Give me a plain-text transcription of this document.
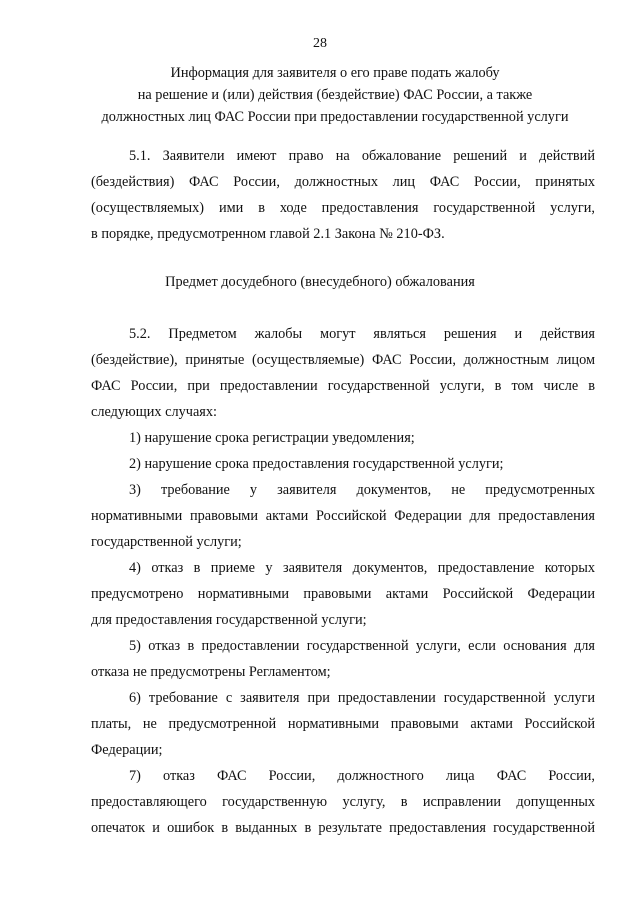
28
Информация для заявителя о его праве подать жалобу
на решение и (или) действия (бездействие) ФАС России, а также
должностных лиц ФАС России при предоставлении государственной услуги
5.1. Заявители имеют право на обжалование решений и действий
(бездействия) ФАС России, должностных лиц ФАС России, принятых
(осуществляемых) ими в ходе предоставления государственной услуги,
в порядке, предусмотренном главой 2.1 Закона № 210-ФЗ.
Предмет досудебного (внесудебного) обжалования
5.2. Предметом жалобы могут являться решения и действия
(бездействие), принятые (осуществляемые) ФАС России, должностным лицом
ФАС России, при предоставлении государственной услуги, в том числе в
следующих случаях:
1) нарушение срока регистрации уведомления;
2) нарушение срока предоставления государственной услуги;
3) требование у заявителя документов, не предусмотренных
нормативными правовыми актами Российской Федерации для предоставления
государственной услуги;
4) отказ в приеме у заявителя документов, предоставление которых
предусмотрено нормативными правовыми актами Российской Федерации
для предоставления государственной услуги;
5) отказ в предоставлении государственной услуги, если основания для
отказа не предусмотрены Регламентом;
6) требование с заявителя при предоставлении государственной услуги
платы, не предусмотренной нормативными правовыми актами Российской
Федерации;
7) отказ ФАС России, должностного лица ФАС России,
предоставляющего государственную услугу, в исправлении допущенных
опечаток и ошибок в выданных в результате предоставления государственной
